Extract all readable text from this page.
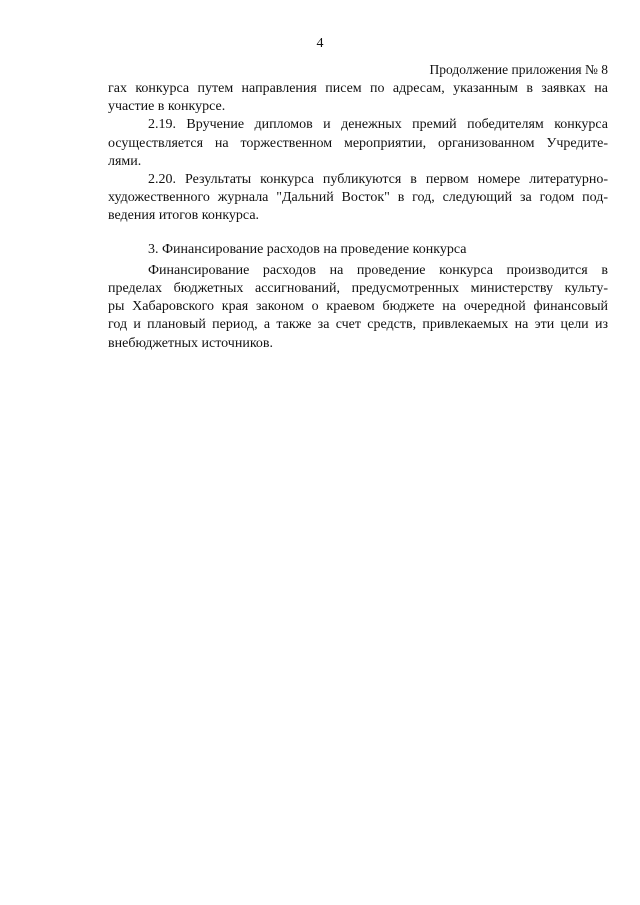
4
Продолжение приложения № 8
гах конкурса путем направления писем по адресам, указанным в заявках на
участие в конкурсе.
2.19. Вручение дипломов и денежных премий победителям конкурса
осуществляется на торжественном мероприятии, организованном Учредите-
лями.
2.20. Результаты конкурса публикуются в первом номере литературно-
художественного журнала "Дальний Восток" в год, следующий за годом под-
ведения итогов конкурса.
3. Финансирование расходов на проведение конкурса
Финансирование расходов на проведение конкурса производится в
пределах бюджетных ассигнований, предусмотренных министерству культу-
ры Хабаровского края законом о краевом бюджете на очередной финансовый
год и плановый период, а также за счет средств, привлекаемых на эти цели из
внебюджетных источников.
